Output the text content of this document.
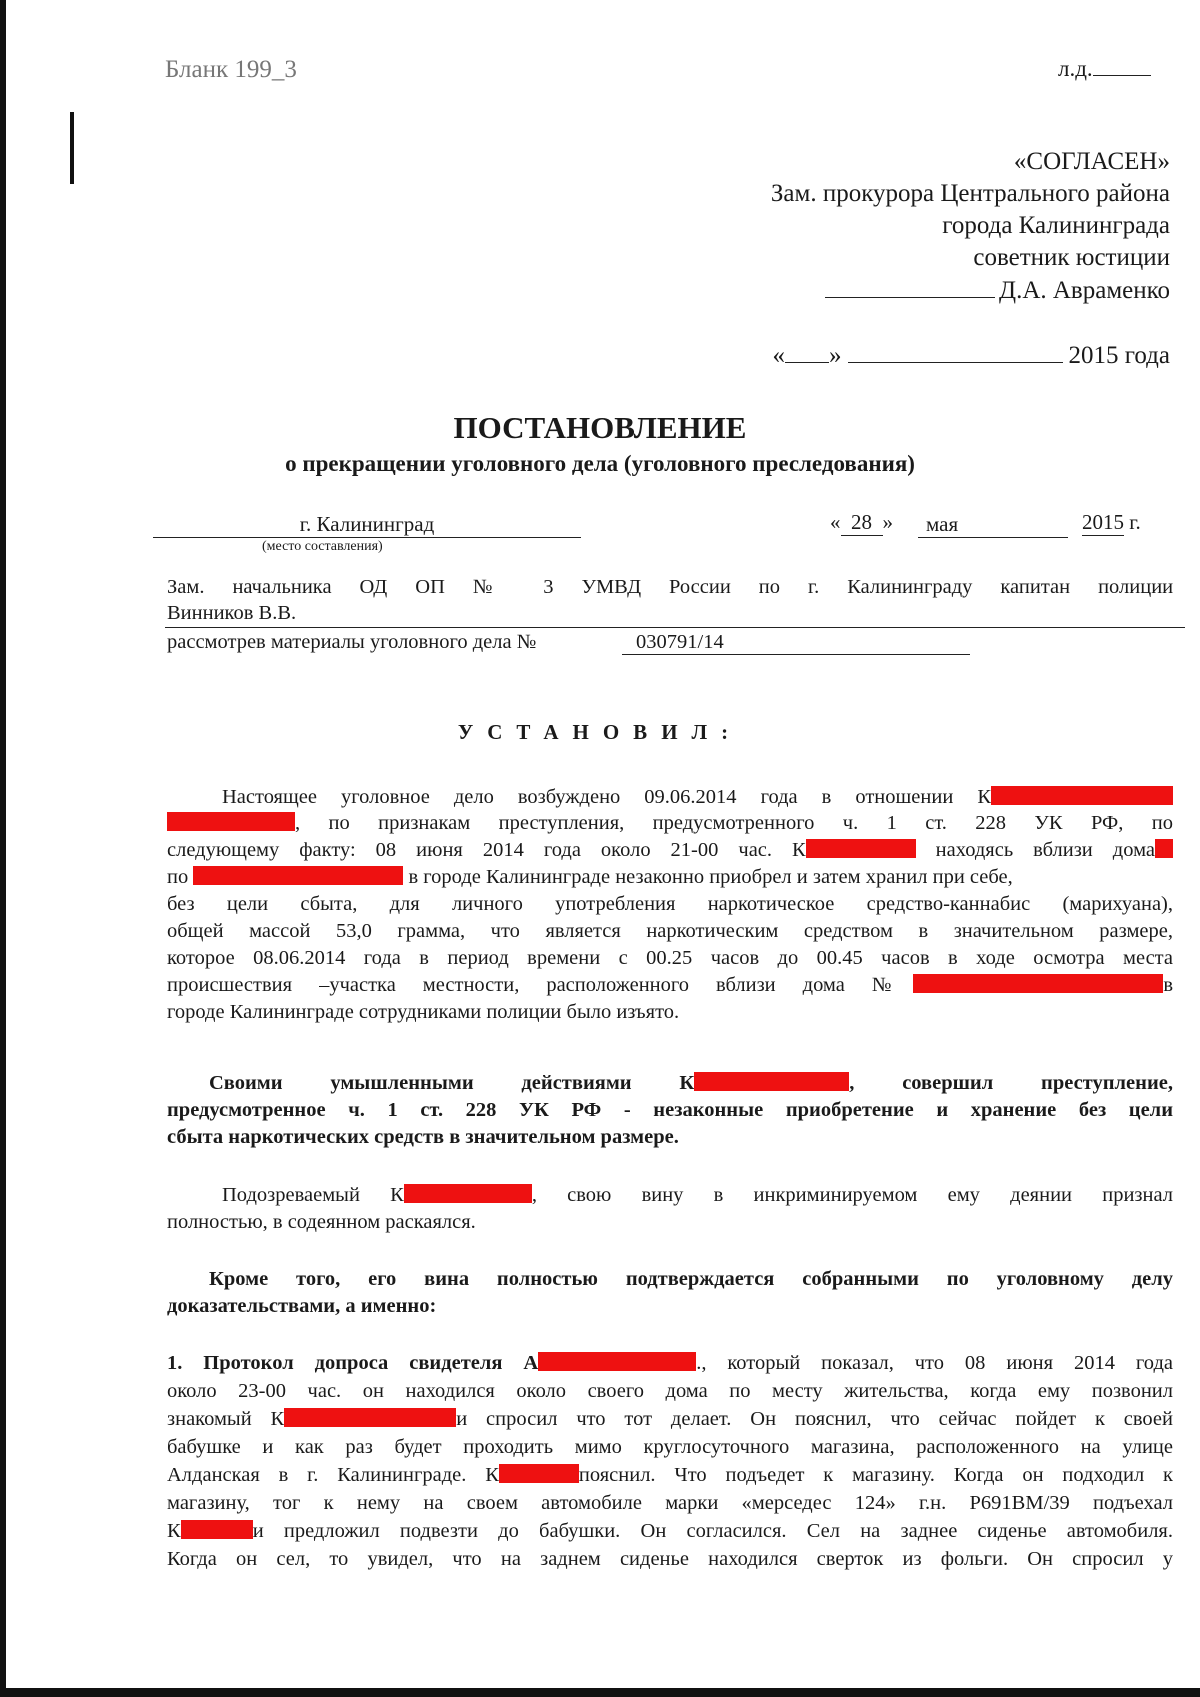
Бланк 199_3	л.д.
«СОГЛАСЕН»
Зам. прокурора Центрального района
города Калининграда
советник юстиции
Д.А. Авраменко
« »	2015 года
ПОСТАНОВЛЕНИЕ
о прекращении уголовного дела (уголовного преследования)
г. Калининград
(место составления)
« 28 »	мая	2015 г.
Зам. начальника ОД ОП № 3 УМВД России по г. Калининграду капитан полиции
Винников В.В.
рассмотрев материалы уголовного дела №	030791/14
УСТАНОВИЛ:
Настоящее уголовное дело возбуждено 09.06.2014 года в отношении К
, по признакам преступления, предусмотренного ч. 1 ст. 228 УК РФ, по
следующему факту: 08 июня 2014 года около 21-00 час. К	находясь вблизи дома
по	в городе Калининграде незаконно приобрел и затем хранил при себе,
без цели сбыта, для личного употребления наркотическое средство-каннабис (марихуана),
общей массой 53,0 грамма, что является наркотическим средством в значительном размере,
которое 08.06.2014 года в период времени с 00.25 часов до 00.45 часов в ходе осмотра места
происшествия –участка местности, расположенного вблизи дома №	в
городе Калининграде сотрудниками полиции было изъято.
Своими умышленными действиями К	, совершил преступление,
предусмотренное ч. 1 ст. 228 УК РФ - незаконные приобретение и хранение без цели
сбыта наркотических средств в значительном размере.
Подозреваемый К	, свою вину в инкриминируемом ему деянии признал
полностью, в содеянном раскаялся.
Кроме того, его вина полностью подтверждается собранными по уголовному делу
доказательствами, а именно:
1. Протокол допроса свидетеля А	., который показал, что 08 июня 2014 года
около 23-00 час. он находился около своего дома по месту жительства, когда ему позвонил
знакомый К	и спросил что тот делает. Он пояснил, что сейчас пойдет к своей
бабушке и как раз будет проходить мимо круглосуточного магазина, расположенного на улице
Алданская в г. Калининграде. К	пояснил. Что подъедет к магазину. Когда он подходил к
магазину, тог к нему на своем автомобиле марки «мерседес 124» г.н. Р691ВМ/39 подъехал
К	и предложил подвезти до бабушки. Он согласился. Сел на заднее сиденье автомобиля.
Когда он сел, то увидел, что на заднем сиденье находился сверток из фольги. Он спросил у
